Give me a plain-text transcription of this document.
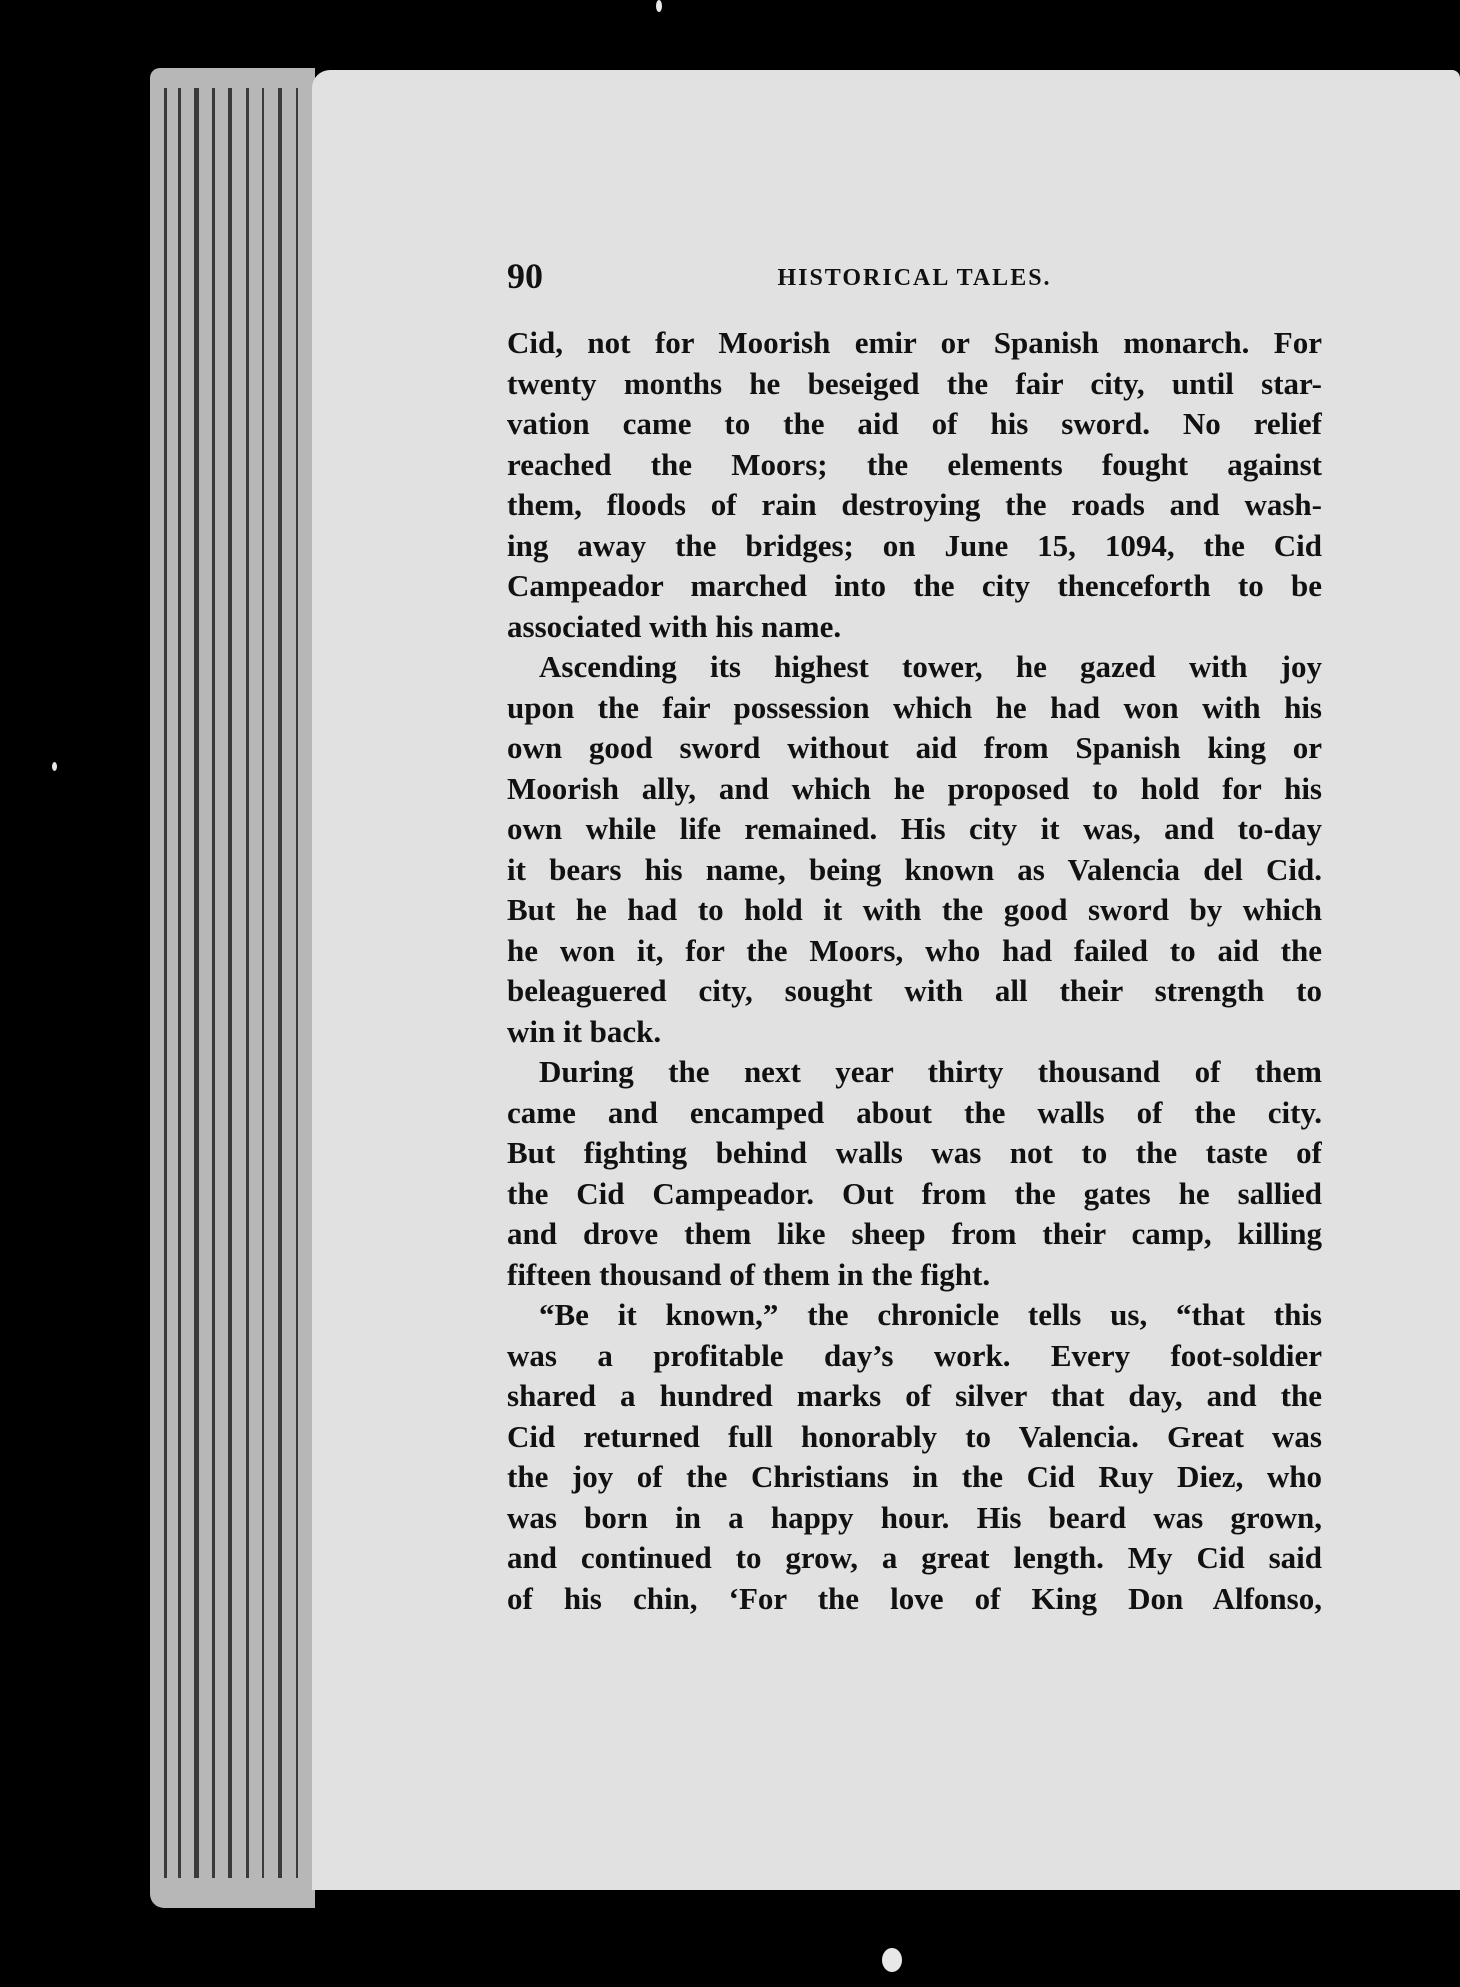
90	HISTORICAL TALES.
Cid, not for Moorish emir or Spanish monarch. For
twenty months he beseiged the fair city, until star-
vation came to the aid of his sword. No relief
reached the Moors; the elements fought against
them, floods of rain destroying the roads and wash-
ing away the bridges; on June 15, 1094, the Cid
Campeador marched into the city thenceforth to be
associated with his name.
Ascending its highest tower, he gazed with joy
upon the fair possession which he had won with his
own good sword without aid from Spanish king or
Moorish ally, and which he proposed to hold for his
own while life remained. His city it was, and to-day
it bears his name, being known as Valencia del Cid.
But he had to hold it with the good sword by which
he won it, for the Moors, who had failed to aid the
beleaguered city, sought with all their strength to
win it back.
During the next year thirty thousand of them
came and encamped about the walls of the city.
But fighting behind walls was not to the taste of
the Cid Campeador. Out from the gates he sallied
and drove them like sheep from their camp, killing
fifteen thousand of them in the fight.
“Be it known,” the chronicle tells us, “that this
was a profitable day’s work. Every foot-soldier
shared a hundred marks of silver that day, and the
Cid returned full honorably to Valencia. Great was
the joy of the Christians in the Cid Ruy Diez, who
was born in a happy hour. His beard was grown,
and continued to grow, a great length. My Cid said
of his chin, ‘For the love of King Don Alfonso,
